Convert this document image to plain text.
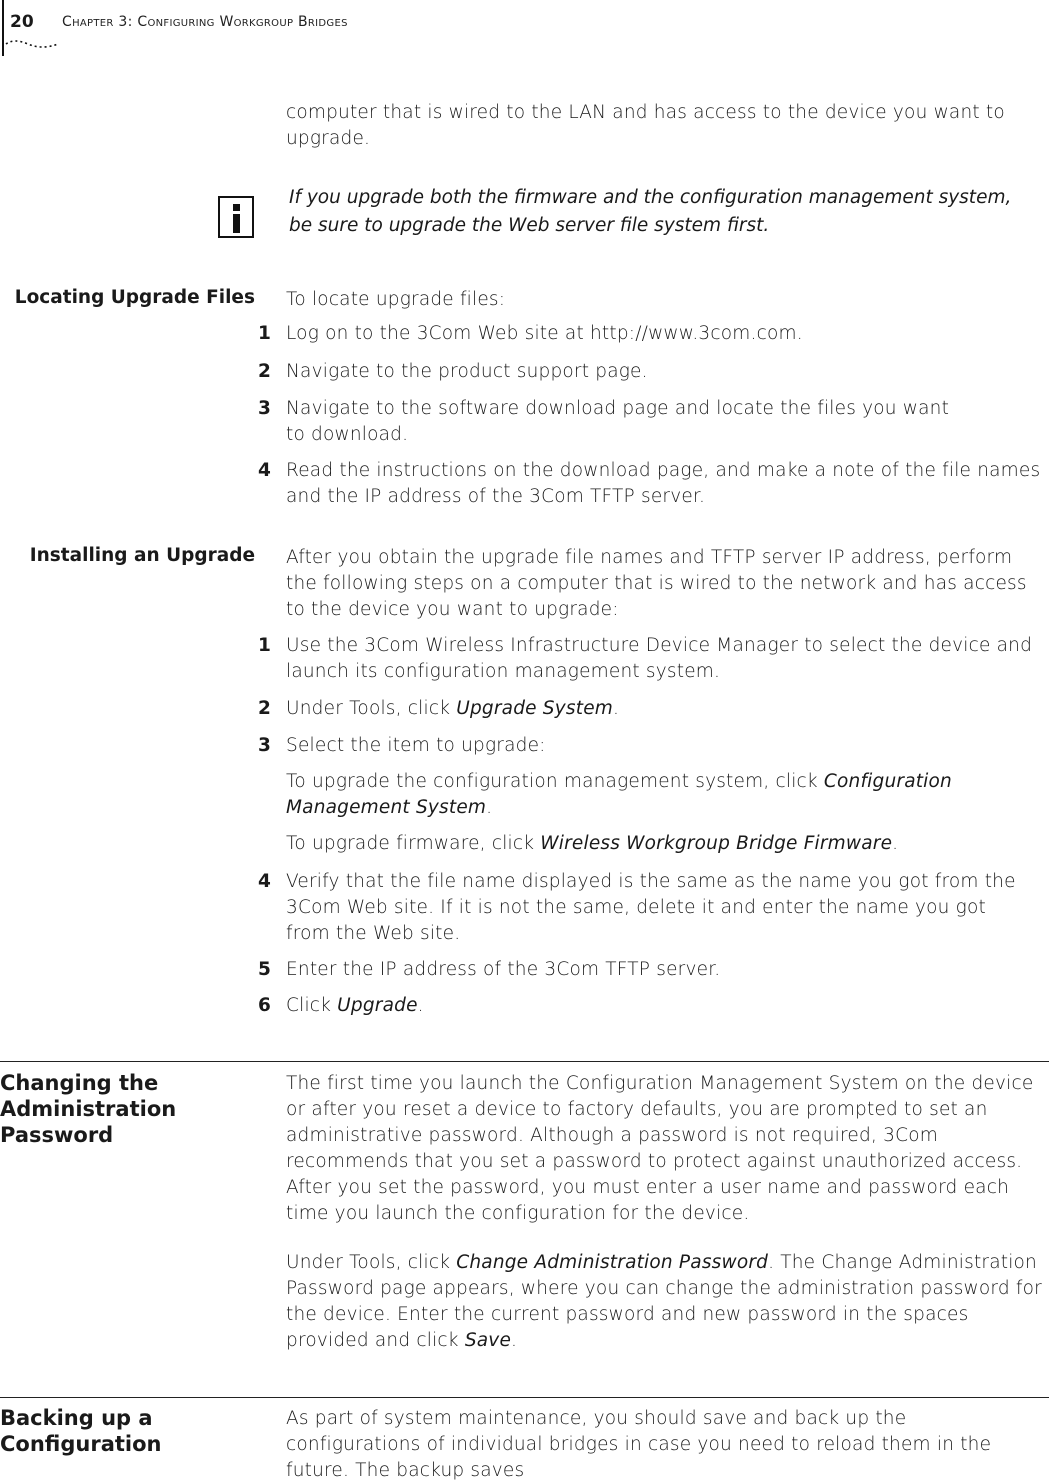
20 Chapter 3: Configuring Workgroup Bridges
computer that is wired to the LAN and has access to the device you want to upgrade.
If you upgrade both the firmware and the configuration management system, be sure to upgrade the Web server file system first.
Locating Upgrade Files To locate upgrade files:
1 Log on to the 3Com Web site at http://www.3com.com.
2 Navigate to the product support page.
3 Navigate to the software download page and locate the files you want to download.
4 Read the instructions on the download page, and make a note of the file names and the IP address of the 3Com TFTP server.
Installing an Upgrade After you obtain the upgrade file names and TFTP server IP address, perform the following steps on a computer that is wired to the network and has access to the device you want to upgrade:
1 Use the 3Com Wireless Infrastructure Device Manager to select the device and launch its configuration management system.
2 Under Tools, click Upgrade System.
3 Select the item to upgrade:
To upgrade the configuration management system, click Configuration Management System.
To upgrade firmware, click Wireless Workgroup Bridge Firmware.
4 Verify that the file name displayed is the same as the name you got from the 3Com Web site. If it is not the same, delete it and enter the name you got from the Web site.
5 Enter the IP address of the 3Com TFTP server.
6 Click Upgrade.
Changing the Administration Password
The first time you launch the Configuration Management System on the device or after you reset a device to factory defaults, you are prompted to set an administrative password. Although a password is not required, 3Com recommends that you set a password to protect against unauthorized access. After you set the password, you must enter a user name and password each time you launch the configuration for the device.
Under Tools, click Change Administration Password. The Change Administration Password page appears, where you can change the administration password for the device. Enter the current password and new password in the spaces provided and click Save.
Backing up a Configuration
As part of system maintenance, you should save and back up the configurations of individual bridges in case you need to reload them in the future. The backup saves
